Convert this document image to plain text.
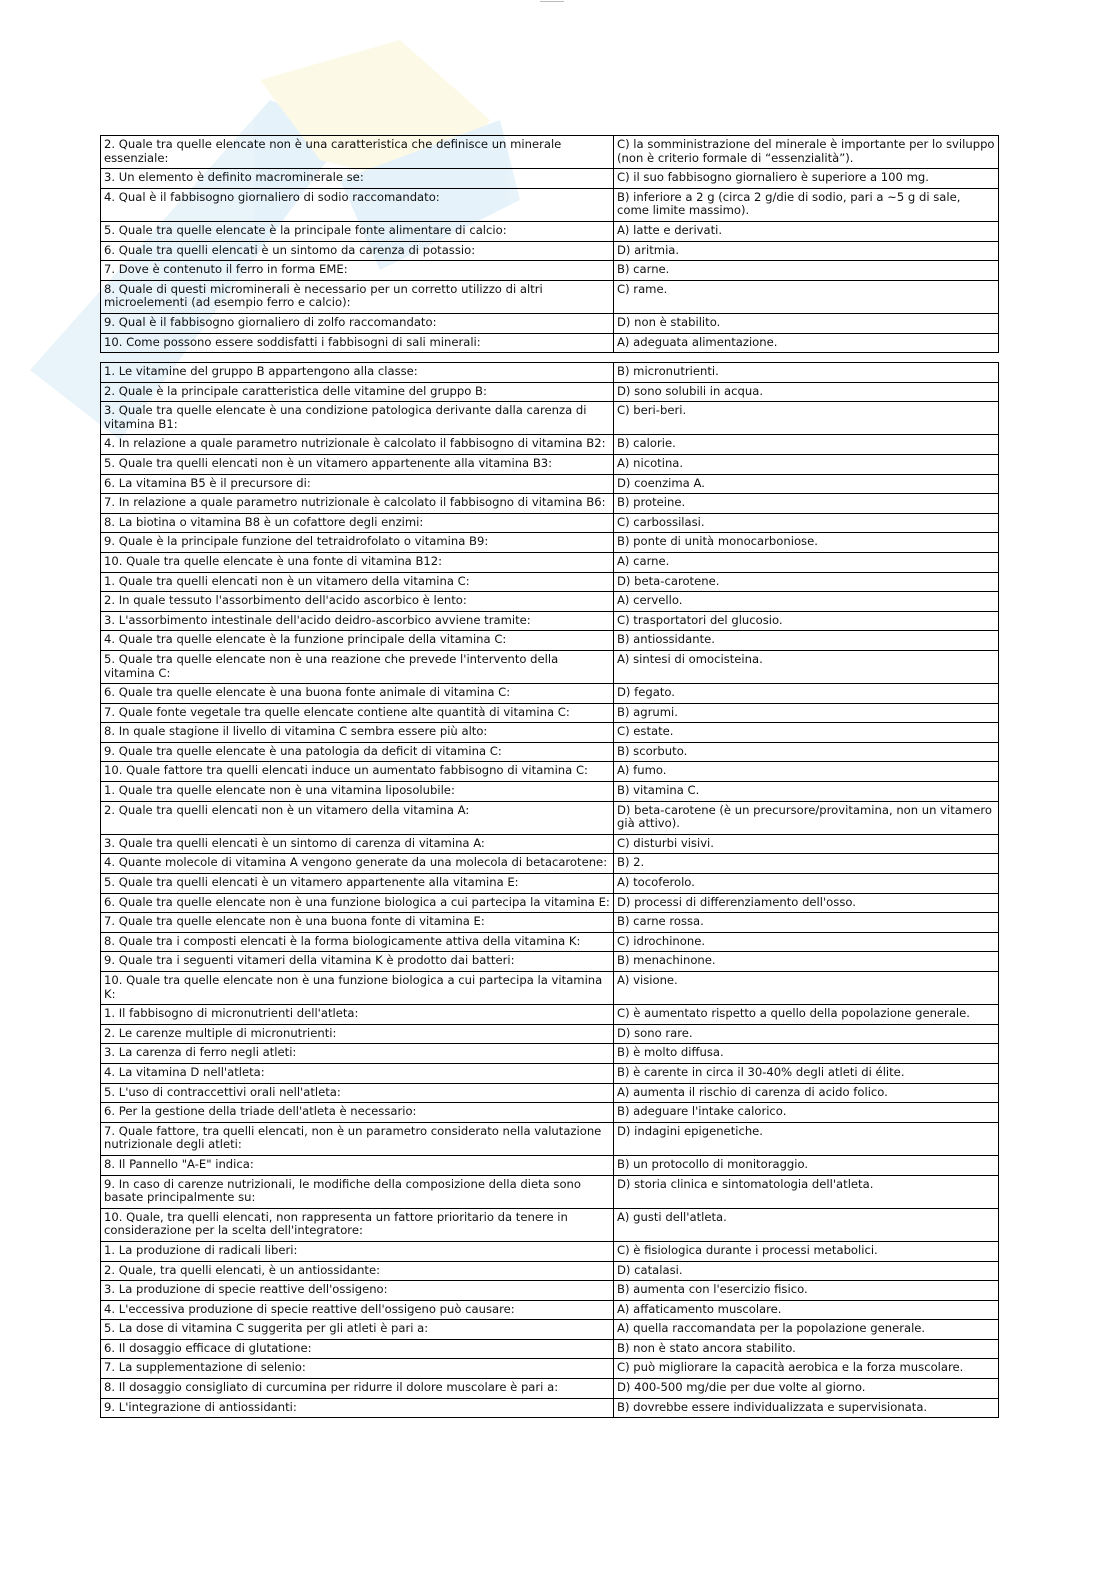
2. Quale tra quelle elencate non è una caratteristica che definisce un minerale essenziale:	C) la somministrazione del minerale è importante per lo sviluppo (non è criterio formale di “essenzialità”).
3. Un elemento è definito macrominerale se:	C) il suo fabbisogno giornaliero è superiore a 100 mg.
4. Qual è il fabbisogno giornaliero di sodio raccomandato:	B) inferiore a 2 g (circa 2 g/die di sodio, pari a ~5 g di sale, come limite massimo).
5. Quale tra quelle elencate è la principale fonte alimentare di calcio:	A) latte e derivati.
6. Quale tra quelli elencati è un sintomo da carenza di potassio:	D) aritmia.
7. Dove è contenuto il ferro in forma EME:	B) carne.
8. Quale di questi microminerali è necessario per un corretto utilizzo di altri microelementi (ad esempio ferro e calcio):	C) rame.
9. Qual è il fabbisogno giornaliero di zolfo raccomandato:	D) non è stabilito.
10. Come possono essere soddisfatti i fabbisogni di sali minerali:	A) adeguata alimentazione.
1. Le vitamine del gruppo B appartengono alla classe:	B) micronutrienti.
2. Quale è la principale caratteristica delle vitamine del gruppo B:	D) sono solubili in acqua.
3. Quale tra quelle elencate è una condizione patologica derivante dalla carenza di vitamina B1:	C) beri-beri.
4. In relazione a quale parametro nutrizionale è calcolato il fabbisogno di vitamina B2:	B) calorie.
5. Quale tra quelli elencati non è un vitamero appartenente alla vitamina B3:	A) nicotina.
6. La vitamina B5 è il precursore di:	D) coenzima A.
7. In relazione a quale parametro nutrizionale è calcolato il fabbisogno di vitamina B6:	B) proteine.
8. La biotina o vitamina B8 è un cofattore degli enzimi:	C) carbossilasi.
9. Quale è la principale funzione del tetraidrofolato o vitamina B9:	B) ponte di unità monocarboniose.
10. Quale tra quelle elencate è una fonte di vitamina B12:	A) carne.
1. Quale tra quelli elencati non è un vitamero della vitamina C:	D) beta-carotene.
2. In quale tessuto l'assorbimento dell'acido ascorbico è lento:	A) cervello.
3. L'assorbimento intestinale dell'acido deidro-ascorbico avviene tramite:	C) trasportatori del glucosio.
4. Quale tra quelle elencate è la funzione principale della vitamina C:	B) antiossidante.
5. Quale tra quelle elencate non è una reazione che prevede l'intervento della vitamina C:	A) sintesi di omocisteina.
6. Quale tra quelle elencate è una buona fonte animale di vitamina C:	D) fegato.
7. Quale fonte vegetale tra quelle elencate contiene alte quantità di vitamina C:	B) agrumi.
8. In quale stagione il livello di vitamina C sembra essere più alto:	C) estate.
9. Quale tra quelle elencate è una patologia da deficit di vitamina C:	B) scorbuto.
10. Quale fattore tra quelli elencati induce un aumentato fabbisogno di vitamina C:	A) fumo.
1. Quale tra quelle elencate non è una vitamina liposolubile:	B) vitamina C.
2. Quale tra quelli elencati non è un vitamero della vitamina A:	D) beta-carotene (è un precursore/provitamina, non un vitamero già attivo).
3. Quale tra quelli elencati è un sintomo di carenza di vitamina A:	C) disturbi visivi.
4. Quante molecole di vitamina A vengono generate da una molecola di betacarotene:	B) 2.
5. Quale tra quelli elencati è un vitamero appartenente alla vitamina E:	A) tocoferolo.
6. Quale tra quelle elencate non è una funzione biologica a cui partecipa la vitamina E:	D) processi di differenziamento dell'osso.
7. Quale tra quelle elencate non è una buona fonte di vitamina E:	B) carne rossa.
8. Quale tra i composti elencati è la forma biologicamente attiva della vitamina K:	C) idrochinone.
9. Quale tra i seguenti vitameri della vitamina K è prodotto dai batteri:	B) menachinone.
10. Quale tra quelle elencate non è una funzione biologica a cui partecipa la vitamina K:	A) visione.
1. Il fabbisogno di micronutrienti dell'atleta:	C) è aumentato rispetto a quello della popolazione generale.
2. Le carenze multiple di micronutrienti:	D) sono rare.
3. La carenza di ferro negli atleti:	B) è molto diffusa.
4. La vitamina D nell'atleta:	B) è carente in circa il 30-40% degli atleti di élite.
5. L'uso di contraccettivi orali nell'atleta:	A) aumenta il rischio di carenza di acido folico.
6. Per la gestione della triade dell'atleta è necessario:	B) adeguare l'intake calorico.
7. Quale fattore, tra quelli elencati, non è un parametro considerato nella valutazione nutrizionale degli atleti:	D) indagini epigenetiche.
8. Il Pannello "A-E" indica:	B) un protocollo di monitoraggio.
9. In caso di carenze nutrizionali, le modifiche della composizione della dieta sono basate principalmente su:	D) storia clinica e sintomatologia dell'atleta.
10. Quale, tra quelli elencati, non rappresenta un fattore prioritario da tenere in considerazione per la scelta dell'integratore:	A) gusti dell'atleta.
1. La produzione di radicali liberi:	C) è fisiologica durante i processi metabolici.
2. Quale, tra quelli elencati, è un antiossidante:	D) catalasi.
3. La produzione di specie reattive dell'ossigeno:	B) aumenta con l'esercizio fisico.
4. L'eccessiva produzione di specie reattive dell'ossigeno può causare:	A) affaticamento muscolare.
5. La dose di vitamina C suggerita per gli atleti è pari a:	A) quella raccomandata per la popolazione generale.
6. Il dosaggio efficace di glutatione:	B) non è stato ancora stabilito.
7. La supplementazione di selenio:	C) può migliorare la capacità aerobica e la forza muscolare.
8. Il dosaggio consigliato di curcumina per ridurre il dolore muscolare è pari a:	D) 400-500 mg/die per due volte al giorno.
9. L'integrazione di antiossidanti:	B) dovrebbe essere individualizzata e supervisionata.
